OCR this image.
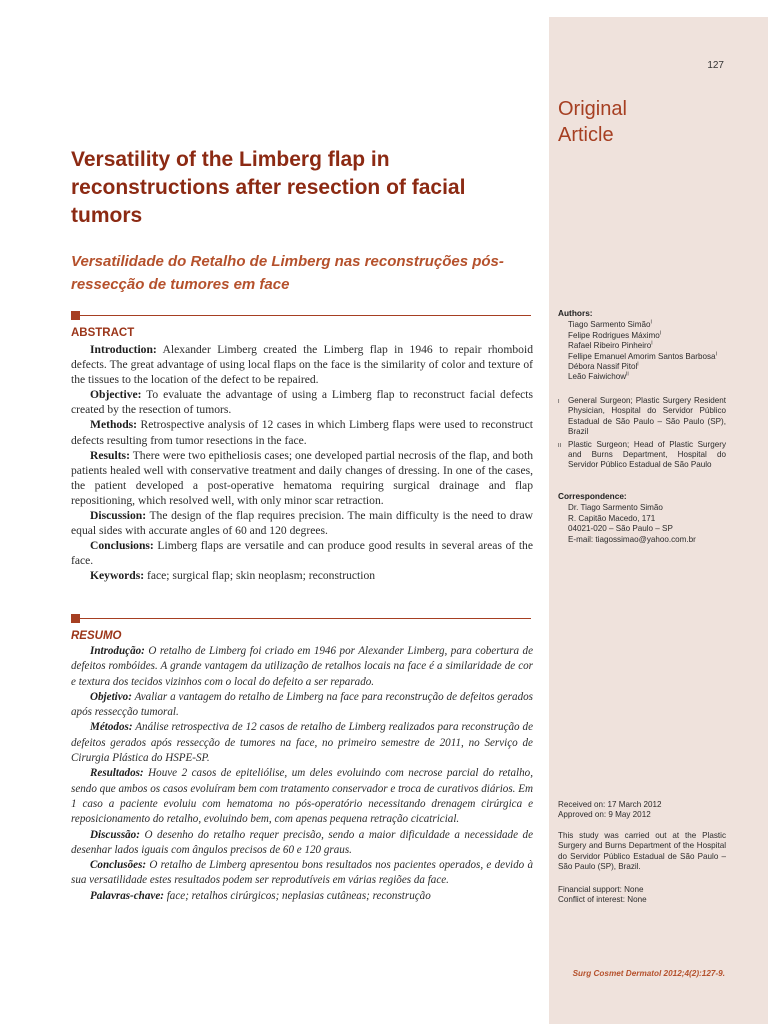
127
Original
Article
Versatility of the Limberg flap in reconstructions after resection of facial tumors
Versatilidade do Retalho de Limberg nas reconstruções pós-ressecção de tumores em face
ABSTRACT

Introduction: Alexander Limberg created the Limberg flap in 1946 to repair rhomboid defects. The great advantage of using local flaps on the face is the similarity of color and texture of the tissues to the location of the defect to be repaired.

Objective: To evaluate the advantage of using a Limberg flap to reconstruct facial defects created by the resection of tumors.

Methods: Retrospective analysis of 12 cases in which Limberg flaps were used to reconstruct defects resulting from tumor resections in the face.

Results: There were two epitheliosis cases; one developed partial necrosis of the flap, and both patients healed well with conservative treatment and daily changes of dressing. In one of the cases, the patient developed a post-operative hematoma requiring surgical drainage and flap repositioning, which resolved well, with only minor scar retraction.

Discussion: The design of the flap requires precision. The main difficulty is the need to draw equal sides with accurate angles of 60 and 120 degrees.

Conclusions: Limberg flaps are versatile and can produce good results in several areas of the face.

Keywords: face; surgical flap; skin neoplasm; reconstruction

RESUMO

Introdução: O retalho de Limberg foi criado em 1946 por Alexander Limberg, para cobertura de defeitos rombóides. A grande vantagem da utilização de retalhos locais na face é a similaridade de cor e textura dos tecidos vizinhos com o local do defeito a ser reparado.

Objetivo: Avaliar a vantagem do retalho de Limberg na face para reconstrução de defeitos gerados após ressecção tumoral.

Métodos: Análise retrospectiva de 12 casos de retalho de Limberg realizados para reconstrução de defeitos gerados após ressecção de tumores na face, no primeiro semestre de 2011, no Serviço de Cirurgia Plástica do HSPE-SP.

Resultados: Houve 2 casos de epiteliólise, um deles evoluindo com necrose parcial do retalho, sendo que ambos os casos evoluíram bem com tratamento conservador e troca de curativos diários. Em 1 caso a paciente evoluiu com hematoma no pós-operatório necessitando drenagem cirúrgica e reposicionamento do retalho, evoluindo bem, com apenas pequena retração cicatricial.

Discussão: O desenho do retalho requer precisão, sendo a maior dificuldade a necessidade de desenhar lados iguais com ângulos precisos de 60 e 120 graus.

Conclusões: O retalho de Limberg apresentou bons resultados nos pacientes operados, e devido à sua versatilidade estes resultados podem ser reprodutíveis em várias regiões da face.

Palavras-chave: face; retalhos cirúrgicos; neplasias cutâneas; reconstrução

Authors:
Tiago Sarmento Simão$^I$
Felipe Rodrigues Máximo$^I$
Rafael Ribeiro Pinheiro$^I$
Fellipe Emanuel Amorim Santos Barbosa$^I$
Débora Nassif Pitol$^I$
Leão Faiwichow$^{II}$
I	General Surgeon; Plastic Surgery Resident Physician, Hospital do Servidor Público Estadual de São Paulo – São Paulo (SP), Brazil
II Plastic Surgeon; Head of Plastic Surgery and Burns Department, Hospital do Servidor Público Estadual de São Paulo
Correspondence:
Dr. Tiago Sarmento Simão
R. Capitão Macedo, 171
04021-020 – São Paulo – SP
E-mail: tiagossimao@yahoo.com.br
Received on: 17 March 2012
Approved on: 9 May 2012
This study was carried out at the Plastic Surgery and Burns Department of the Hospital do Servidor Público Estadual de São Paulo – São Paulo (SP), Brazil.
Financial support: None
Conflict of interest: None
Surg Cosmet Dermatol 2012;4(2):127-9.
